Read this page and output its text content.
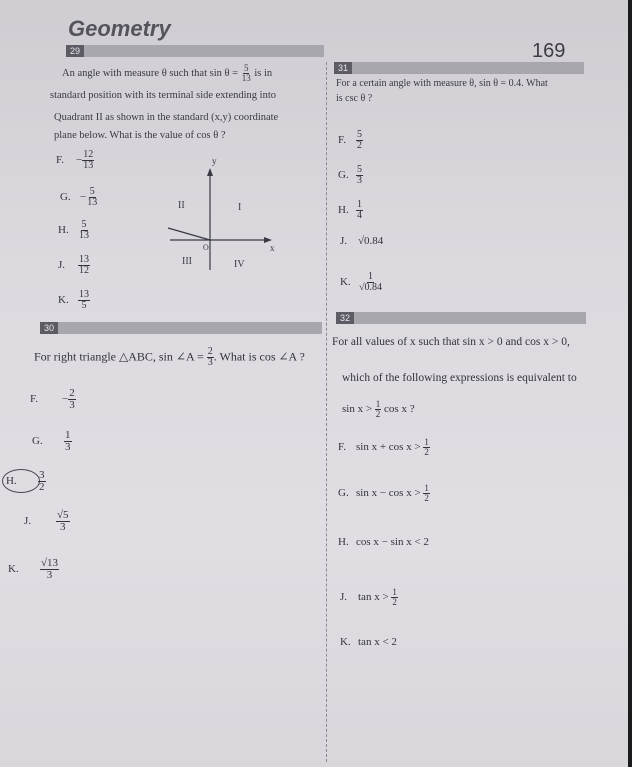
Geometry
169
29
An angle with measure θ such that $\sin \theta = \frac{5}{13}$ is in
standard position with its terminal side extending into
Quadrant II as shown in the standard (x,y) coordinate
plane below. What is the value of cos θ ?
F. − $\frac{12}{13}$
G. − $\frac{5}{13}$
H. $\frac{5}{13}$
J. $\frac{13}{12}$
K. $\frac{13}{5}$
y
x
O
II	I
III	IV
30
For right triangle △ABC, sin ∠A = $\frac{2}{3}$ . What is cos ∠A ?
F. − $\frac{2}{3}$
G. $\frac{1}{3}$
H. $\frac{3}{2}$
J. $\frac{√5}{3}$
K. $\frac{√13}{3}$
31
For a certain angle with measure θ, sin θ = 0.4. What
is csc θ ?
F. $\frac{5}{2}$
G. $\frac{5}{3}$
H. $\frac{1}{4}$
J. √0.84
K. $\frac{1}{√0.84}$
32
For all values of x such that sin x > 0 and cos x > 0,
which of the following expressions is equivalent to
$\sin x > \frac{1}{2}$ cos x ?
F. $\sin x + \cos x > \frac{1}{2}$
G. $\sin x - \cos x > \frac{1}{2}$
H. cos x − sin x < 2
J. $\tan x > \frac{1}{2}$
K. tan x < 2
